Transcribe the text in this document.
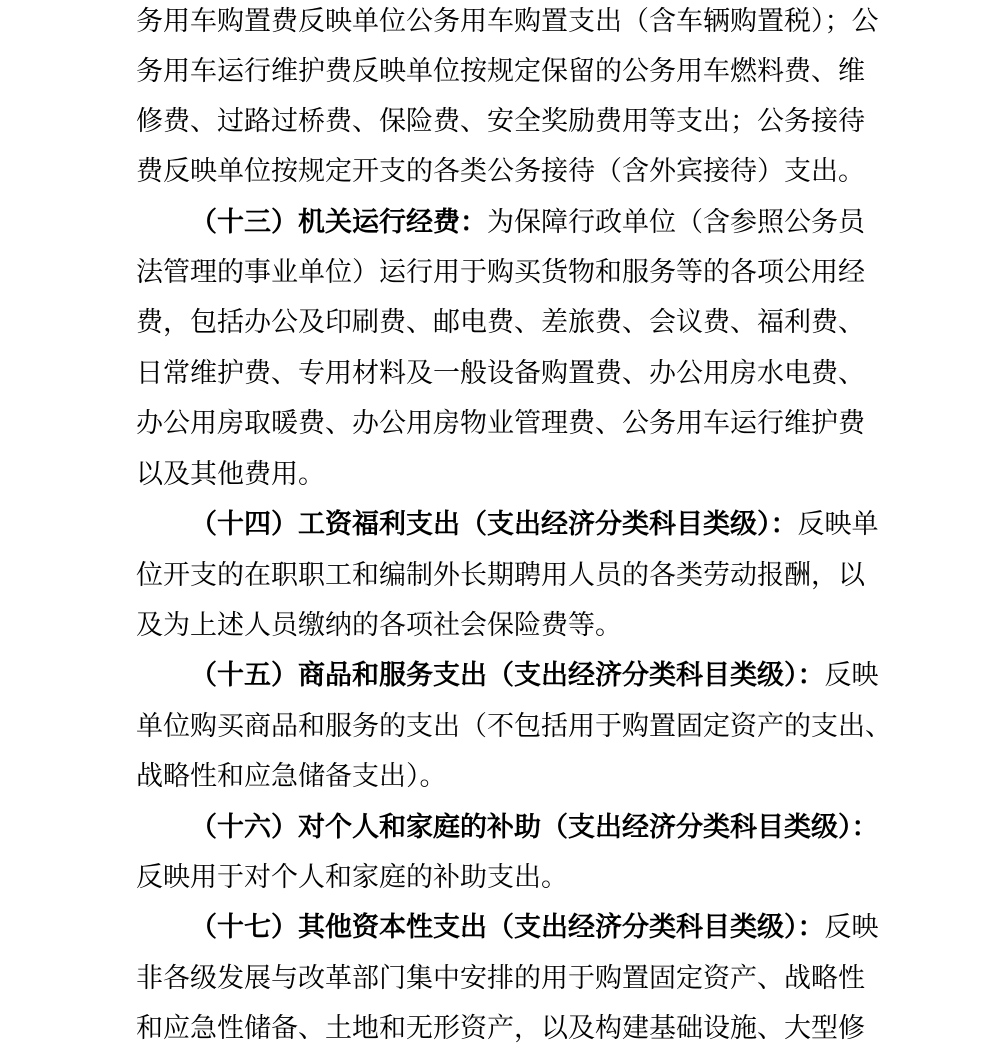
务用车购置费反映单位公务用车购置支出（含车辆购置税）；公
务用车运行维护费反映单位按规定保留的公务用车燃料费、维
修费、过路过桥费、保险费、安全奖励费用等支出；公务接待
费反映单位按规定开支的各类公务接待（含外宾接待）支出。
（十三）机关运行经费：为保障行政单位（含参照公务员
法管理的事业单位）运行用于购买货物和服务等的各项公用经
费，包括办公及印刷费、邮电费、差旅费、会议费、福利费、
日常维护费、专用材料及一般设备购置费、办公用房水电费、
办公用房取暖费、办公用房物业管理费、公务用车运行维护费
以及其他费用。
（十四）工资福利支出（支出经济分类科目类级）：反映单
位开支的在职职工和编制外长期聘用人员的各类劳动报酬，以
及为上述人员缴纳的各项社会保险费等。
（十五）商品和服务支出（支出经济分类科目类级）：反映
单位购买商品和服务的支出（不包括用于购置固定资产的支出、
战略性和应急储备支出）。
（十六）对个人和家庭的补助（支出经济分类科目类级）：
反映用于对个人和家庭的补助支出。
（十七）其他资本性支出（支出经济分类科目类级）：反映
非各级发展与改革部门集中安排的用于购置固定资产、战略性
和应急性储备、土地和无形资产，以及构建基础设施、大型修
